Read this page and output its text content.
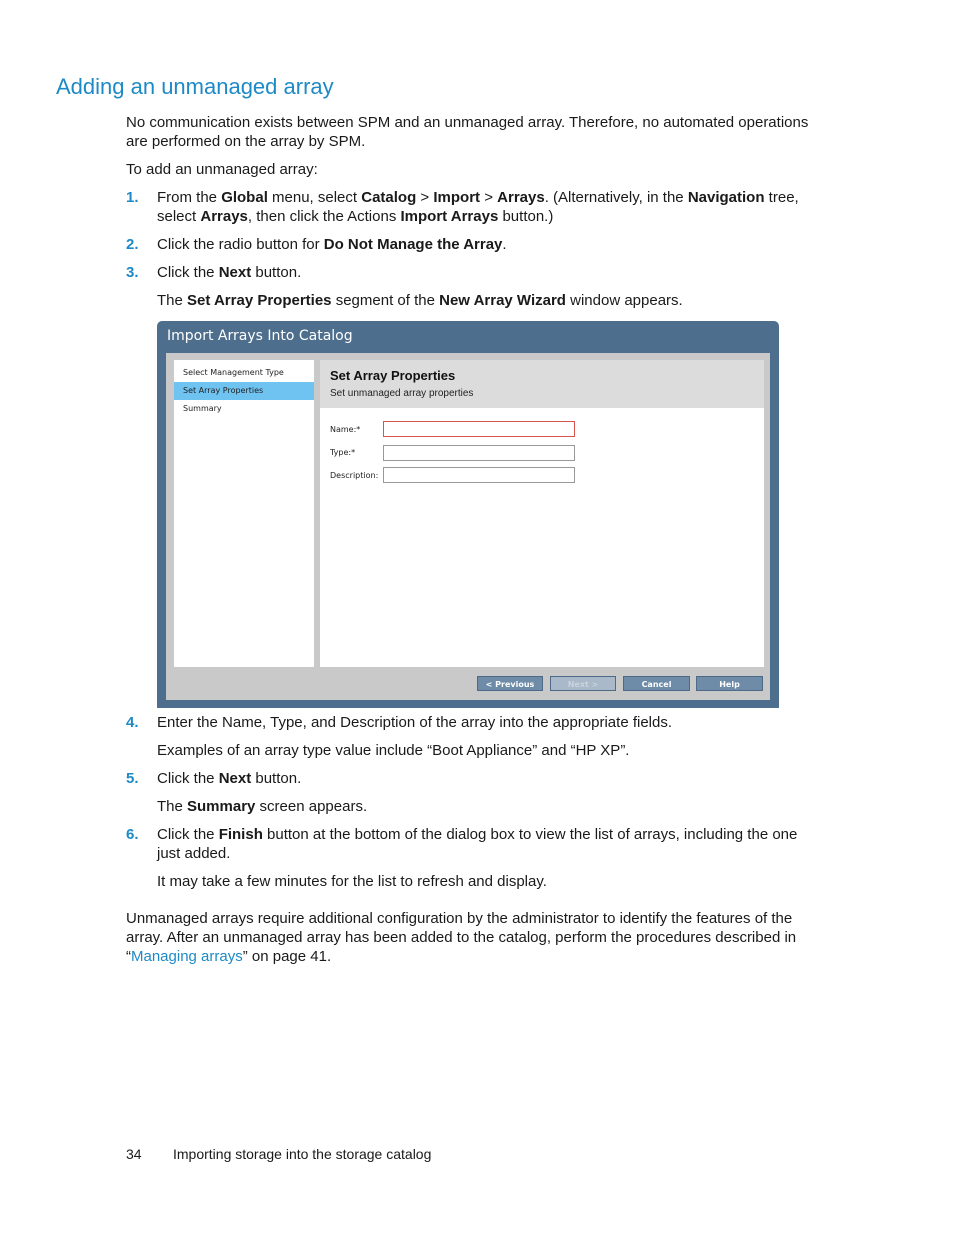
Adding an unmanaged array

No communication exists between SPM and an unmanaged array. Therefore, no automated operations are performed on the array by SPM.

To add an unmanaged array:

1. From the Global menu, select Catalog > Import > Arrays. (Alternatively, in the Navigation tree, select Arrays, then click the Actions Import Arrays button.)
2. Click the radio button for Do Not Manage the Array.
3. Click the Next button.

The Set Array Properties segment of the New Array Wizard window appears.

Import Arrays Into Catalog
Select Management Type
Set Array Properties
Summary
Set Array Properties
Set unmanaged array properties
Name:*
Type:*
Description:
< Previous	Next >	Cancel	Help
4. Enter the Name, Type, and Description of the array into the appropriate fields.

Examples of an array type value include “Boot Appliance” and “HP XP”.

5. Click the Next button.

The Summary screen appears.

6. Click the Finish button at the bottom of the dialog box to view the list of arrays, including the one just added.

It may take a few minutes for the list to refresh and display.

Unmanaged arrays require additional configuration by the administrator to identify the features of the array. After an unmanaged array has been added to the catalog, perform the procedures described in “Managing arrays” on page 41.

34 Importing storage into the storage catalog
